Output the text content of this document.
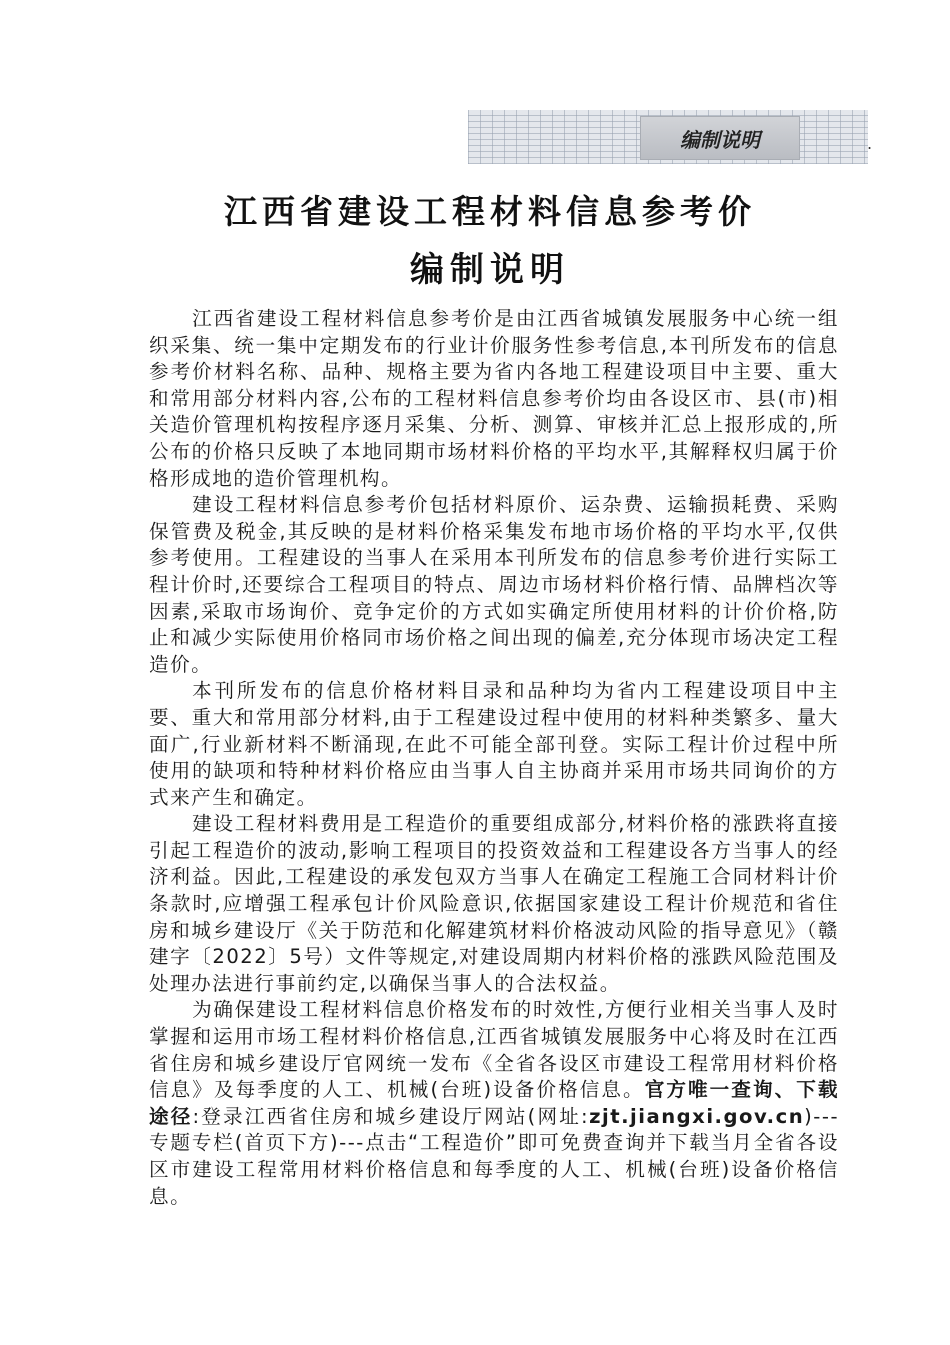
编制说明	.
江西省建设工程材料信息参考价
编制说明

江西省建设工程材料信息参考价是由江西省城镇发展服务中心统一组织采集、统一集中定期发布的行业计价服务性参考信息,本刊所发布的信息参考价材料名称、品种、规格主要为省内各地工程建设项目中主要、重大和常用部分材料内容,公布的工程材料信息参考价均由各设区市、县(市)相关造价管理机构按程序逐月采集、分析、测算、审核并汇总上报形成的,所公布的价格只反映了本地同期市场材料价格的平均水平,其解释权归属于价格形成地的造价管理机构。

建设工程材料信息参考价包括材料原价、运杂费、运输损耗费、采购保管费及税金,其反映的是材料价格采集发布地市场价格的平均水平,仅供参考使用。工程建设的当事人在采用本刊所发布的信息参考价进行实际工程计价时,还要综合工程项目的特点、周边市场材料价格行情、品牌档次等因素,采取市场询价、竞争定价的方式如实确定所使用材料的计价价格,防止和减少实际使用价格同市场价格之间出现的偏差,充分体现市场决定工程造价。

本刊所发布的信息价格材料目录和品种均为省内工程建设项目中主要、重大和常用部分材料,由于工程建设过程中使用的材料种类繁多、量大面广,行业新材料不断涌现,在此不可能全部刊登。实际工程计价过程中所使用的缺项和特种材料价格应由当事人自主协商并采用市场共同询价的方式来产生和确定。

建设工程材料费用是工程造价的重要组成部分,材料价格的涨跌将直接引起工程造价的波动,影响工程项目的投资效益和工程建设各方当事人的经济利益。因此,工程建设的承发包双方当事人在确定工程施工合同材料计价条款时,应增强工程承包计价风险意识,依据国家建设工程计价规范和省住房和城乡建设厅《关于防范和化解建筑材料价格波动风险的指导意见》（赣建字〔2022〕5号）文件等规定,对建设周期内材料价格的涨跌风险范围及处理办法进行事前约定,以确保当事人的合法权益。

为确保建设工程材料信息价格发布的时效性,方便行业相关当事人及时掌握和运用市场工程材料价格信息,江西省城镇发展服务中心将及时在江西省住房和城乡建设厅官网统一发布《全省各设区市建设工程常用材料价格信息》及每季度的人工、机械(台班)设备价格信息。官方唯一查询、下载途径:登录江西省住房和城乡建设厅网站(网址:zjt.jiangxi.gov.cn)---专题专栏(首页下方)---点击“工程造价”即可免费查询并下载当月全省各设区市建设工程常用材料价格信息和每季度的人工、机械(台班)设备价格信息。
